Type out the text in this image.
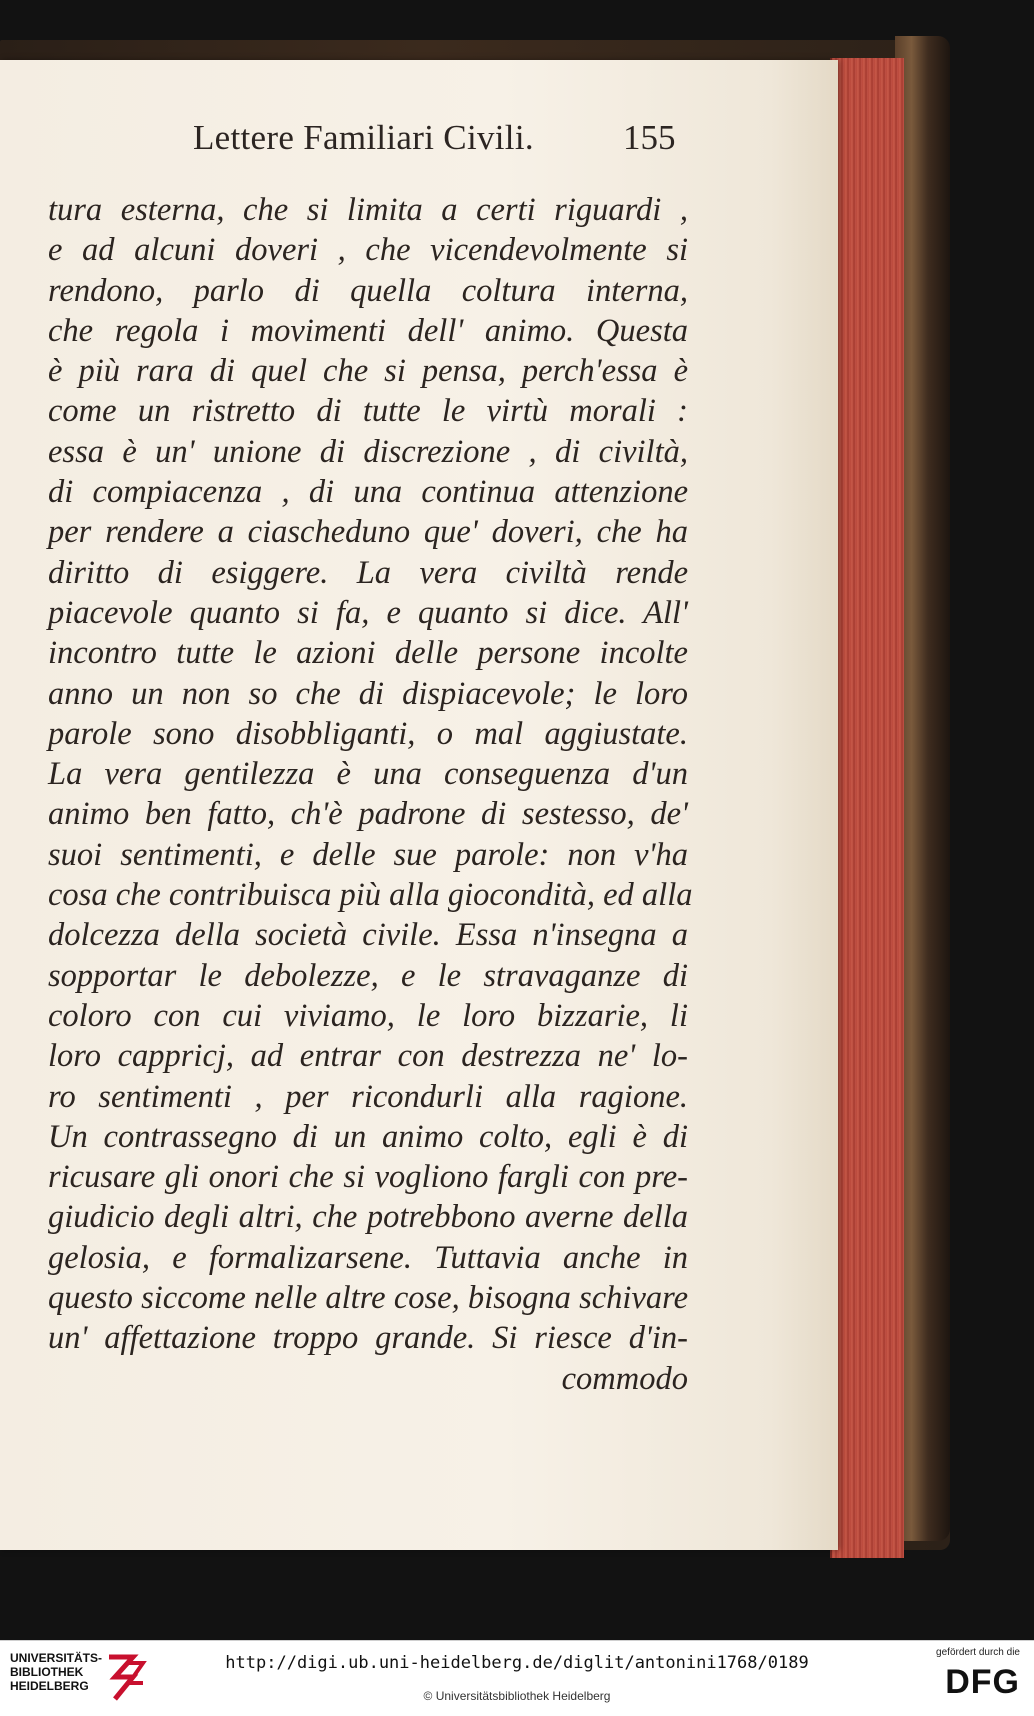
Lettere Familiari Civili.	155
tura esterna, che si limita a certi riguardi ,
e ad alcuni doveri , che vicendevolmente si
rendono, parlo di quella coltura interna,
che regola i movimenti dell' animo. Questa
è più rara di quel che si pensa, perch'essa è
come un ristretto di tutte le virtù morali :
essa è un' unione di discrezione , di civiltà,
di compiacenza , di una continua attenzione
per rendere a ciascheduno que' doveri, che ha
diritto di esiggere. La vera civiltà rende
piacevole quanto si fa, e quanto si dice. All'
incontro tutte le azioni delle persone incolte
anno un non so che di dispiacevole; le loro
parole sono disobbliganti, o mal aggiustate.
La vera gentilezza è una conseguenza d'un
animo ben fatto, ch'è padrone di sestesso, de'
suoi sentimenti, e delle sue parole: non v'ha
cosa che contribuisca più alla giocondità, ed alla
dolcezza della società civile. Essa n'insegna a
sopportar le debolezze, e le stravaganze di
coloro con cui viviamo, le loro bizzarie, li
loro cappricj, ad entrar con destrezza ne' lo-
ro sentimenti , per ricondurli alla ragione.
Un contrassegno di un animo colto, egli è di
ricusare gli onori che si vogliono fargli con pre-
giudicio degli altri, che potrebbono averne della
gelosia, e formalizarsene. Tuttavia anche in
questo siccome nelle altre cose, bisogna schivare
un' affettazione troppo grande. Si riesce d'in-
commodo
UNIVERSITÄTS-
BIBLIOTHEK
HEIDELBERG
http://digi.ub.uni-heidelberg.de/diglit/antonini1768/0189
© Universitätsbibliothek Heidelberg
gefördert durch die
DFG
